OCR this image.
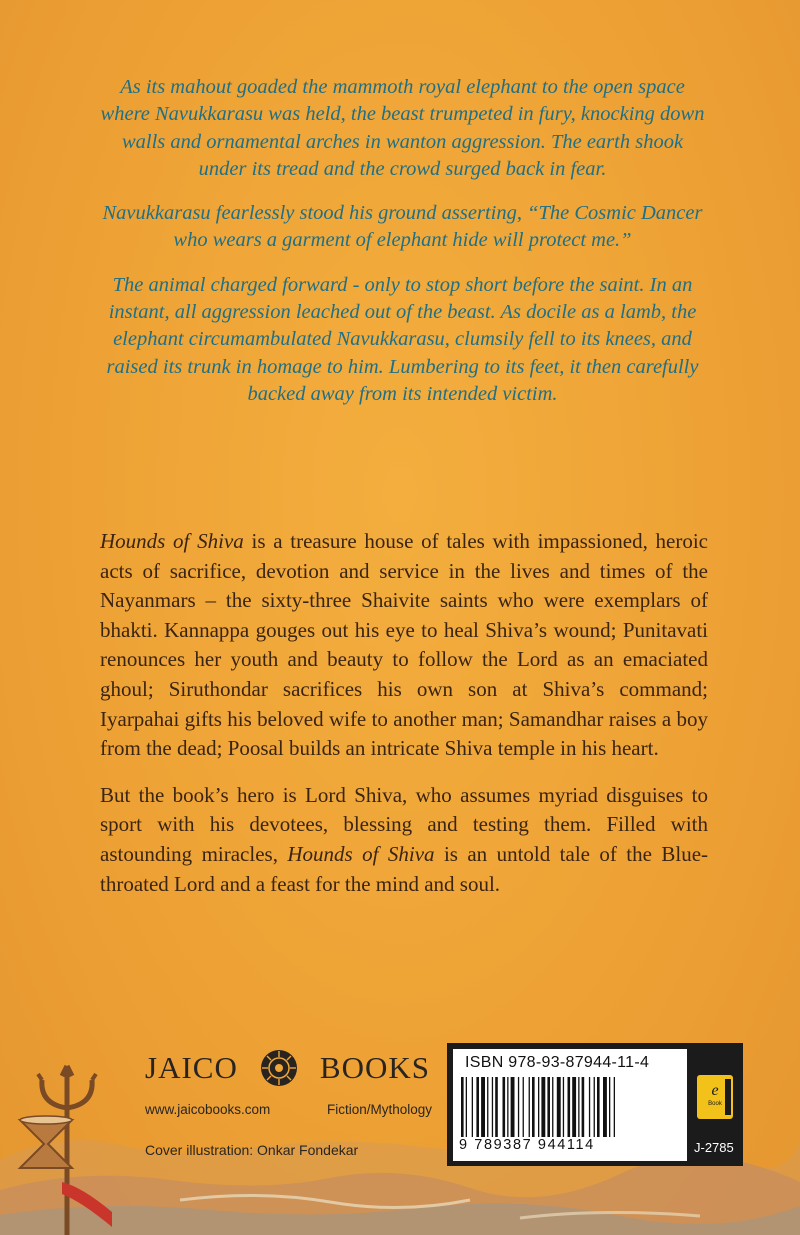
As its mahout goaded the mammoth royal elephant to the open space where Navukkarasu was held, the beast trumpeted in fury, knocking down walls and ornamental arches in wanton aggression. The earth shook under its tread and the crowd surged back in fear.

Navukkarasu fearlessly stood his ground asserting, “The Cosmic Dancer who wears a garment of elephant hide will protect me.”

The animal charged forward - only to stop short before the saint. In an instant, all aggression leached out of the beast. As docile as a lamb, the elephant circumambulated Navukkarasu, clumsily fell to its knees, and raised its trunk in homage to him. Lumbering to its feet, it then carefully backed away from its intended victim.

Hounds of Shiva is a treasure house of tales with impassioned, heroic acts of sacrifice, devotion and service in the lives and times of the Nayanmars – the sixty-three Shaivite saints who were exemplars of bhakti. Kannappa gouges out his eye to heal Shiva’s wound; Punitavati renounces her youth and beauty to follow the Lord as an emaciated ghoul; Siruthondar sacrifices his own son at Shiva’s command; Iyarpahai gifts his beloved wife to another man; Samandhar raises a boy from the dead; Poosal builds an intricate Shiva temple in his heart.

But the book’s hero is Lord Shiva, who assumes myriad disguises to sport with his devotees, blessing and testing them. Filled with astounding miracles, Hounds of Shiva is an untold tale of the Blue-throated Lord and a feast for the mind and soul.

JAICO	BOOKS
www.jaicobooks.com	Fiction/Mythology
Cover illustration: Onkar Fondekar
ISBN 978-93-87944-11-4
9 789387 944114
e
Book
J-2785
